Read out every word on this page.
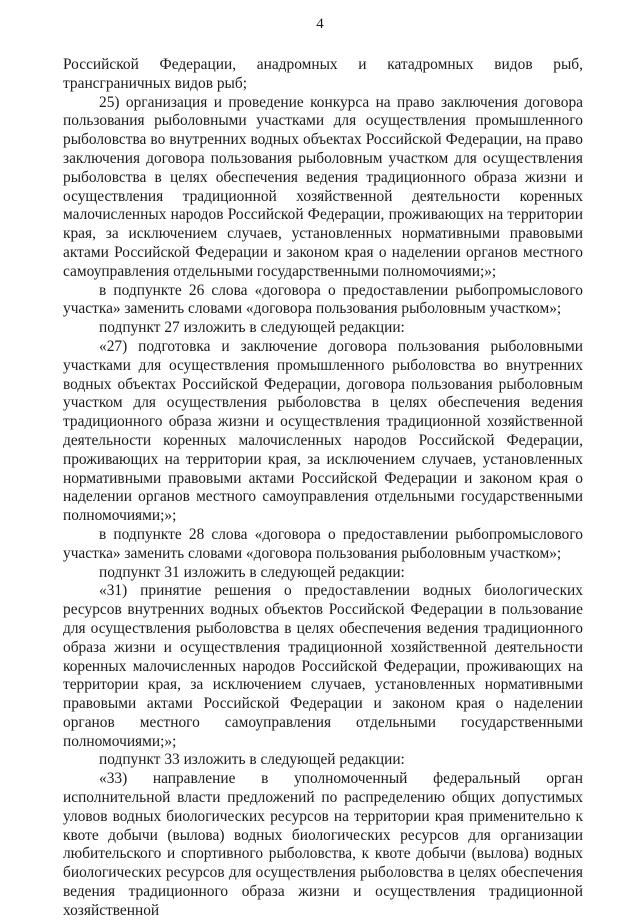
4

Российской Федерации, анадромных и катадромных видов рыб, трансграничных видов рыб;

25) организация и проведение конкурса на право заключения договора пользования рыболовными участками для осуществления промышленного рыболовства во внутренних водных объектах Российской Федерации, на право заключения договора пользования рыболовным участком для осуществления рыболовства в целях обеспечения ведения традиционного образа жизни и осуществления традиционной хозяйственной деятельности коренных малочисленных народов Российской Федерации, проживающих на территории края, за исключением случаев, установленных нормативными правовыми актами Российской Федерации и законом края о наделении органов местного самоуправления отдельными государственными полномочиями;»;

в подпункте 26 слова «договора о предоставлении рыбопромыслового участка» заменить словами «договора пользования рыболовным участком»;

подпункт 27 изложить в следующей редакции:

«27) подготовка и заключение договора пользования рыболовными участками для осуществления промышленного рыболовства во внутренних водных объектах Российской Федерации, договора пользования рыболовным участком для осуществления рыболовства в целях обеспечения ведения традиционного образа жизни и осуществления традиционной хозяйственной деятельности коренных малочисленных народов Российской Федерации, проживающих на территории края, за исключением случаев, установленных нормативными правовыми актами Российской Федерации и законом края о наделении органов местного самоуправления отдельными государственными полномочиями;»;

в подпункте 28 слова «договора о предоставлении рыбопромыслового участка» заменить словами «договора пользования рыболовным участком»;

подпункт 31 изложить в следующей редакции:

«31) принятие решения о предоставлении водных биологических ресурсов внутренних водных объектов Российской Федерации в пользование для осуществления рыболовства в целях обеспечения ведения традиционного образа жизни и осуществления традиционной хозяйственной деятельности коренных малочисленных народов Российской Федерации, проживающих на территории края, за исключением случаев, установленных нормативными правовыми актами Российской Федерации и законом края о наделении органов местного самоуправления отдельными государственными полномочиями;»;

подпункт 33 изложить в следующей редакции:

«33) направление в уполномоченный федеральный орган исполнительной власти предложений по распределению общих допустимых уловов водных биологических ресурсов на территории края применительно к квоте добычи (вылова) водных биологических ресурсов для организации любительского и спортивного рыболовства, к квоте добычи (вылова) водных биологических ресурсов для осуществления рыболовства в целях обеспечения ведения традиционного образа жизни и осуществления традиционной хозяйственной
